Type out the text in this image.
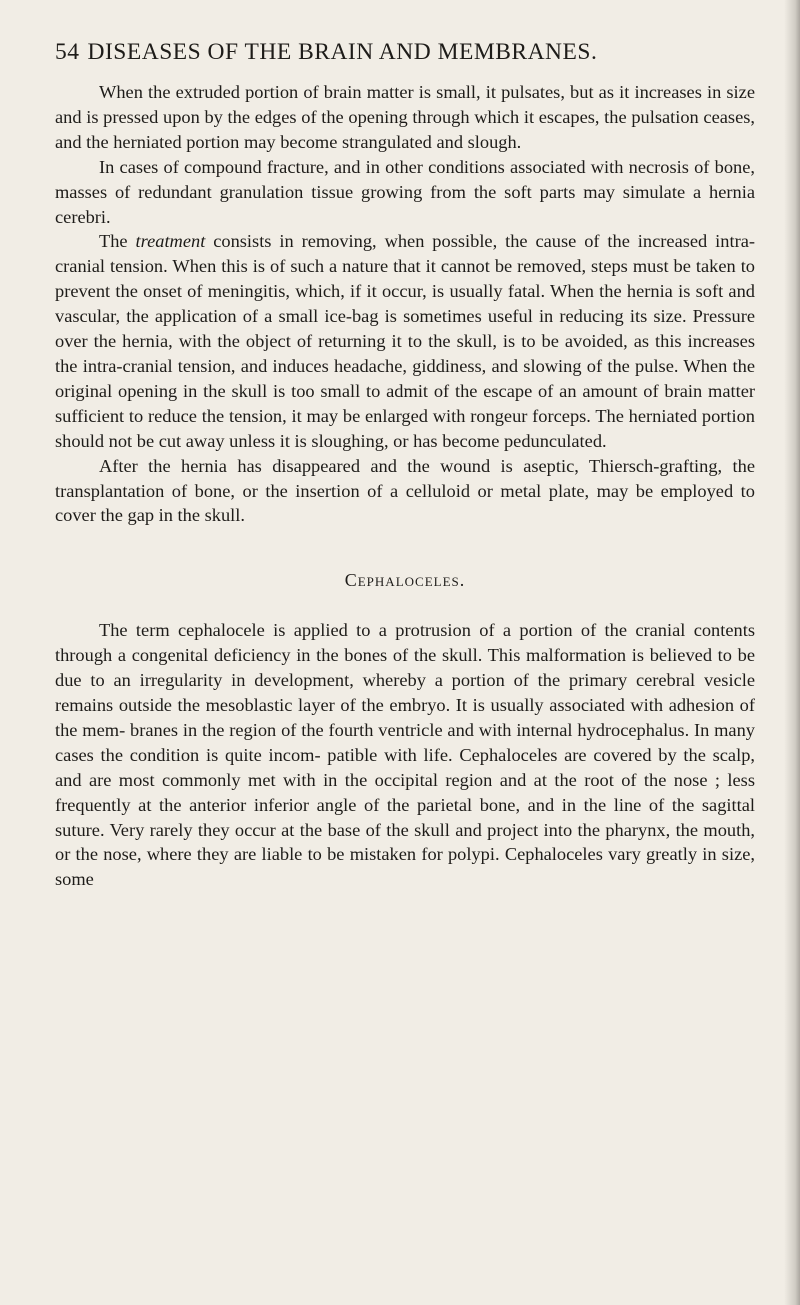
54 DISEASES OF THE BRAIN AND MEMBRANES.

When the extruded portion of brain matter is small, it pulsates, but as it increases in size and is pressed upon by the edges of the opening through which it escapes, the pulsation ceases, and the herniated portion may become strangulated and slough.

In cases of compound fracture, and in other conditions associated with necrosis of bone, masses of redundant granulation tissue growing from the soft parts may simulate a hernia cerebri.

The treatment consists in removing, when possible, the cause of the increased intra-cranial tension. When this is of such a nature that it cannot be removed, steps must be taken to prevent the onset of meningitis, which, if it occur, is usually fatal. When the hernia is soft and vascular, the application of a small ice-bag is sometimes useful in reducing its size. Pressure over the hernia, with the object of returning it to the skull, is to be avoided, as this increases the intra-cranial tension, and induces headache, giddiness, and slowing of the pulse. When the original opening in the skull is too small to admit of the escape of an amount of brain matter sufficient to reduce the tension, it may be enlarged with rongeur forceps. The herniated portion should not be cut away unless it is sloughing, or has become pedunculated.

After the hernia has disappeared and the wound is aseptic, Thiersch-grafting, the transplantation of bone, or the insertion of a celluloid or metal plate, may be employed to cover the gap in the skull.

Cephaloceles.

The term cephalocele is applied to a protrusion of a portion of the cranial contents through a congenital deficiency in the bones of the skull. This malformation is believed to be due to an irregularity in development, whereby a portion of the primary cerebral vesicle remains outside the mesoblastic layer of the embryo. It is usually associated with adhesion of the mem- branes in the region of the fourth ventricle and with internal hydrocephalus. In many cases the condition is quite incom- patible with life. Cephaloceles are covered by the scalp, and are most commonly met with in the occipital region and at the root of the nose ; less frequently at the anterior inferior angle of the parietal bone, and in the line of the sagittal suture. Very rarely they occur at the base of the skull and project into the pharynx, the mouth, or the nose, where they are liable to be mistaken for polypi. Cephaloceles vary greatly in size, some
